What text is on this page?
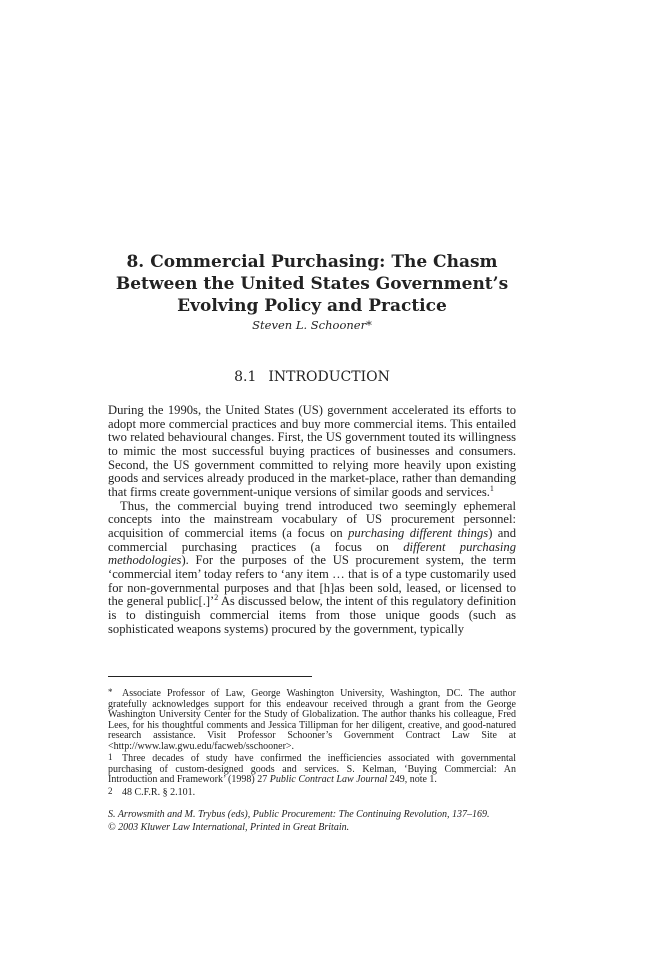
8. Commercial Purchasing: The Chasm Between the United States Government’s Evolving Policy and Practice
Steven L. Schooner*
8.1 INTRODUCTION

During the 1990s, the United States (US) government accelerated its efforts to adopt more commercial practices and buy more commercial items. This entailed two related behavioural changes. First, the US government touted its willingness to mimic the most successful buying practices of businesses and consumers. Second, the US government committed to relying more heavily upon existing goods and services already produced in the market-place, rather than demanding that firms create government-unique versions of similar goods and services.$^1$

Thus, the commercial buying trend introduced two seemingly ephemeral concepts into the mainstream vocabulary of US procurement personnel: acquisition of commercial items (a focus on purchasing different things) and commercial purchasing practices (a focus on different purchasing methodologies). For the purposes of the US procurement system, the term ‘commercial item’ today refers to ‘any item … that is of a type customarily used for non-governmental purposes and that [h]as been sold, leased, or licensed to the general public[.]’$^2$ As discussed below, the intent of this regulatory definition is to distinguish commercial items from those unique goods (such as sophisticated weapons systems) procured by the government, typically

* Associate Professor of Law, George Washington University, Washington, DC. The author gratefully acknowledges support for this endeavour received through a grant from the George Washington University Center for the Study of Globalization. The author thanks his colleague, Fred Lees, for his thoughtful comments and Jessica Tillipman for her diligent, creative, and good-natured research assistance. Visit Professor Schooner’s Government Contract Law Site at <http://www.law.gwu.edu/facweb/sschooner>.

1 Three decades of study have confirmed the inefficiencies associated with governmental purchasing of custom-designed goods and services. S. Kelman, ‘Buying Commercial: An Introduction and Framework’ (1998) 27 Public Contract Law Journal 249, note 1.

2 48 C.F.R. § 2.101.

S. Arrowsmith and M. Trybus (eds), Public Procurement: The Continuing Revolution, 137–169.

© 2003 Kluwer Law International, Printed in Great Britain.
